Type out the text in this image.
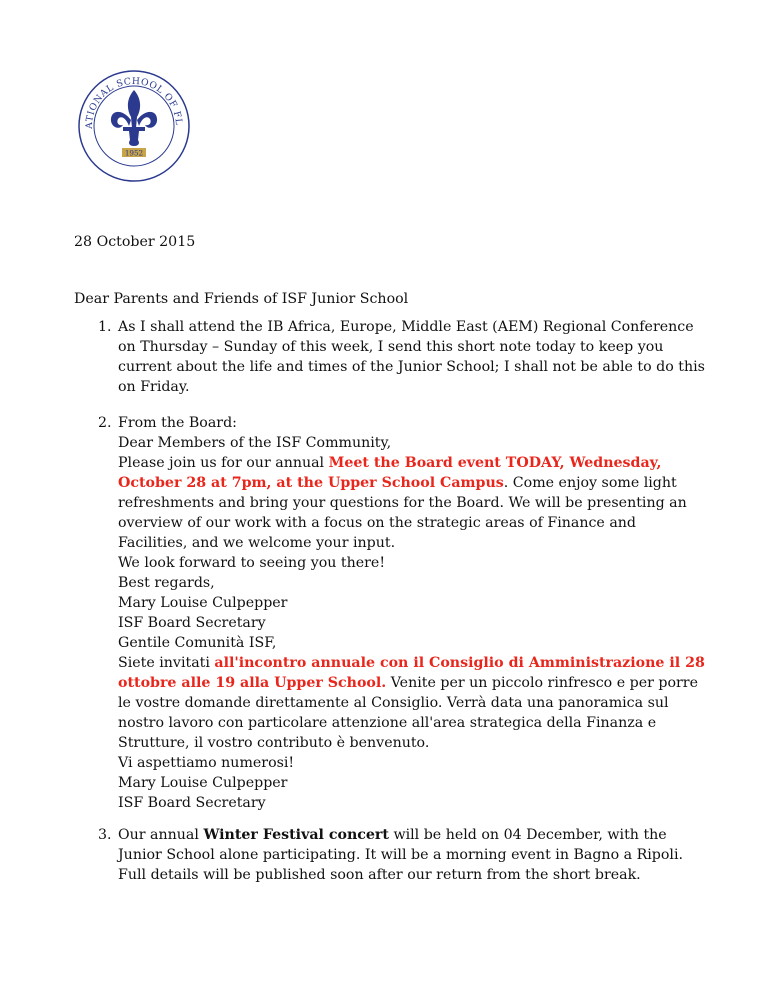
ATIONAL SCHOOL OF FL
1952

28 October 2015

Dear Parents and Friends of ISF Junior School

1. As I shall attend the IB Africa, Europe, Middle East (AEM) Regional Conference on Thursday – Sunday of this week, I send this short note today to keep you current about the life and times of the Junior School; I shall not be able to do this on Friday.

2. From the Board:

Dear Members of the ISF Community,

Please join us for our annual Meet the Board event TODAY, Wednesday, October 28 at 7pm, at the Upper School Campus. Come enjoy some light refreshments and bring your questions for the Board. We will be presenting an overview of our work with a focus on the strategic areas of Finance and Facilities, and we welcome your input.

We look forward to seeing you there!

Best regards,

Mary Louise Culpepper

ISF Board Secretary

Gentile Comunità ISF,

Siete invitati all'incontro annuale con il Consiglio di Amministrazione il 28 ottobre alle 19 alla Upper School. Venite per un piccolo rinfresco e per porre le vostre domande direttamente al Consiglio. Verrà data una panoramica sul nostro lavoro con particolare attenzione all'area strategica della Finanza e Strutture, il vostro contributo è benvenuto.

Vi aspettiamo numerosi!

Mary Louise Culpepper

ISF Board Secretary

3. Our annual Winter Festival concert will be held on 04 December, with the Junior School alone participating. It will be a morning event in Bagno a Ripoli. Full details will be published soon after our return from the short break.
